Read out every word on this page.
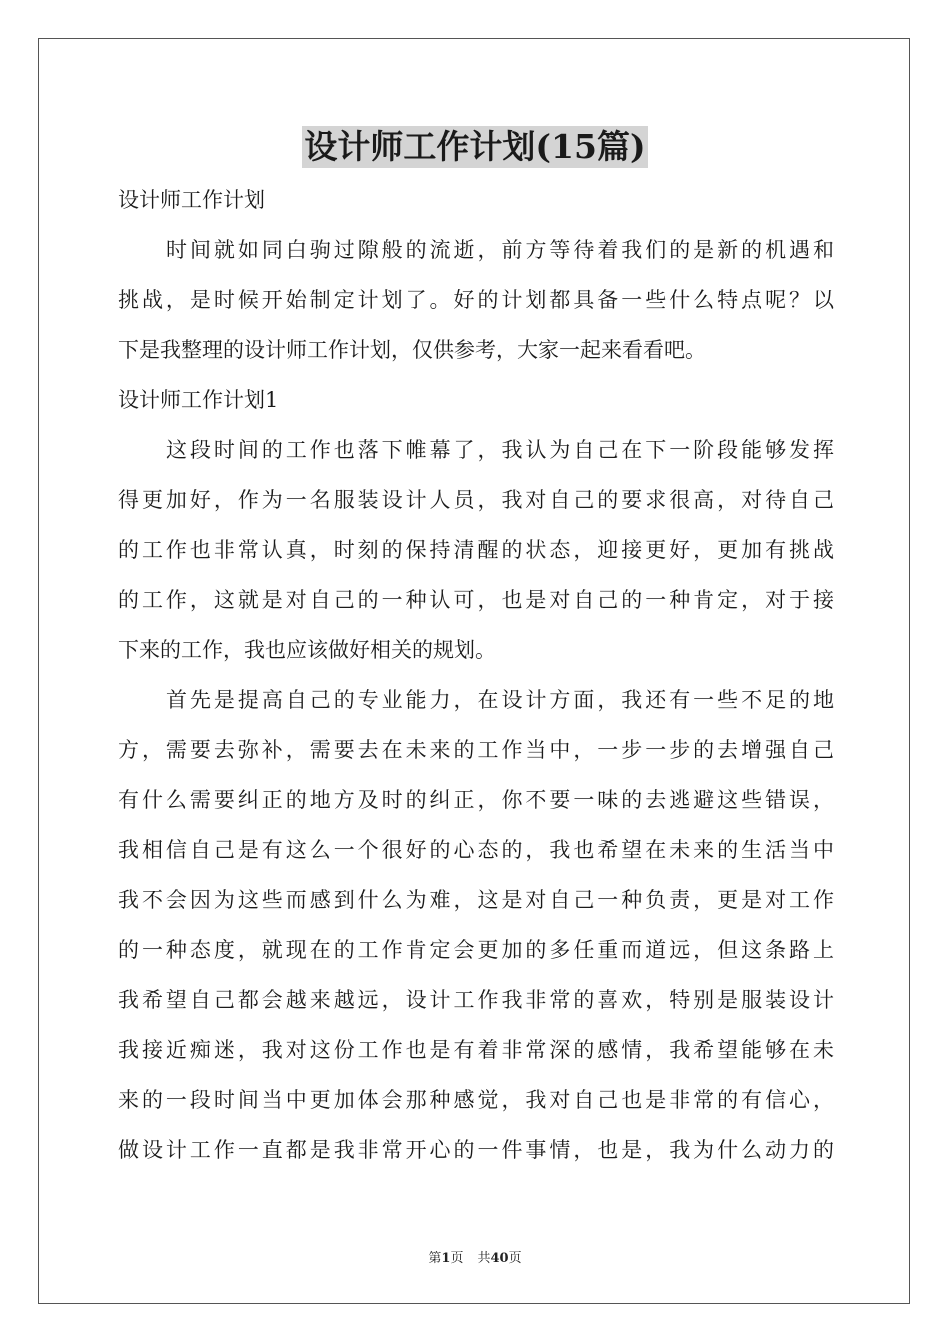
设计师工作计划(15篇)
设计师工作计划
时间就如同白驹过隙般的流逝，前方等待着我们的是新的机遇和
挑战，是时候开始制定计划了。好的计划都具备一些什么特点呢？以
下是我整理的设计师工作计划，仅供参考，大家一起来看看吧。
设计师工作计划1
这段时间的工作也落下帷幕了，我认为自己在下一阶段能够发挥
得更加好，作为一名服装设计人员，我对自己的要求很高，对待自己
的工作也非常认真，时刻的保持清醒的状态，迎接更好，更加有挑战
的工作，这就是对自己的一种认可，也是对自己的一种肯定，对于接
下来的工作，我也应该做好相关的规划。
首先是提高自己的专业能力，在设计方面，我还有一些不足的地
方，需要去弥补，需要去在未来的工作当中，一步一步的去增强自己
有什么需要纠正的地方及时的纠正，你不要一味的去逃避这些错误，
我相信自己是有这么一个很好的心态的，我也希望在未来的生活当中
我不会因为这些而感到什么为难，这是对自己一种负责，更是对工作
的一种态度，就现在的工作肯定会更加的多任重而道远，但这条路上
我希望自己都会越来越远，设计工作我非常的喜欢，特别是服装设计
我接近痴迷，我对这份工作也是有着非常深的感情，我希望能够在未
来的一段时间当中更加体会那种感觉，我对自己也是非常的有信心，
做设计工作一直都是我非常开心的一件事情，也是，我为什么动力的
第1页 共40页
